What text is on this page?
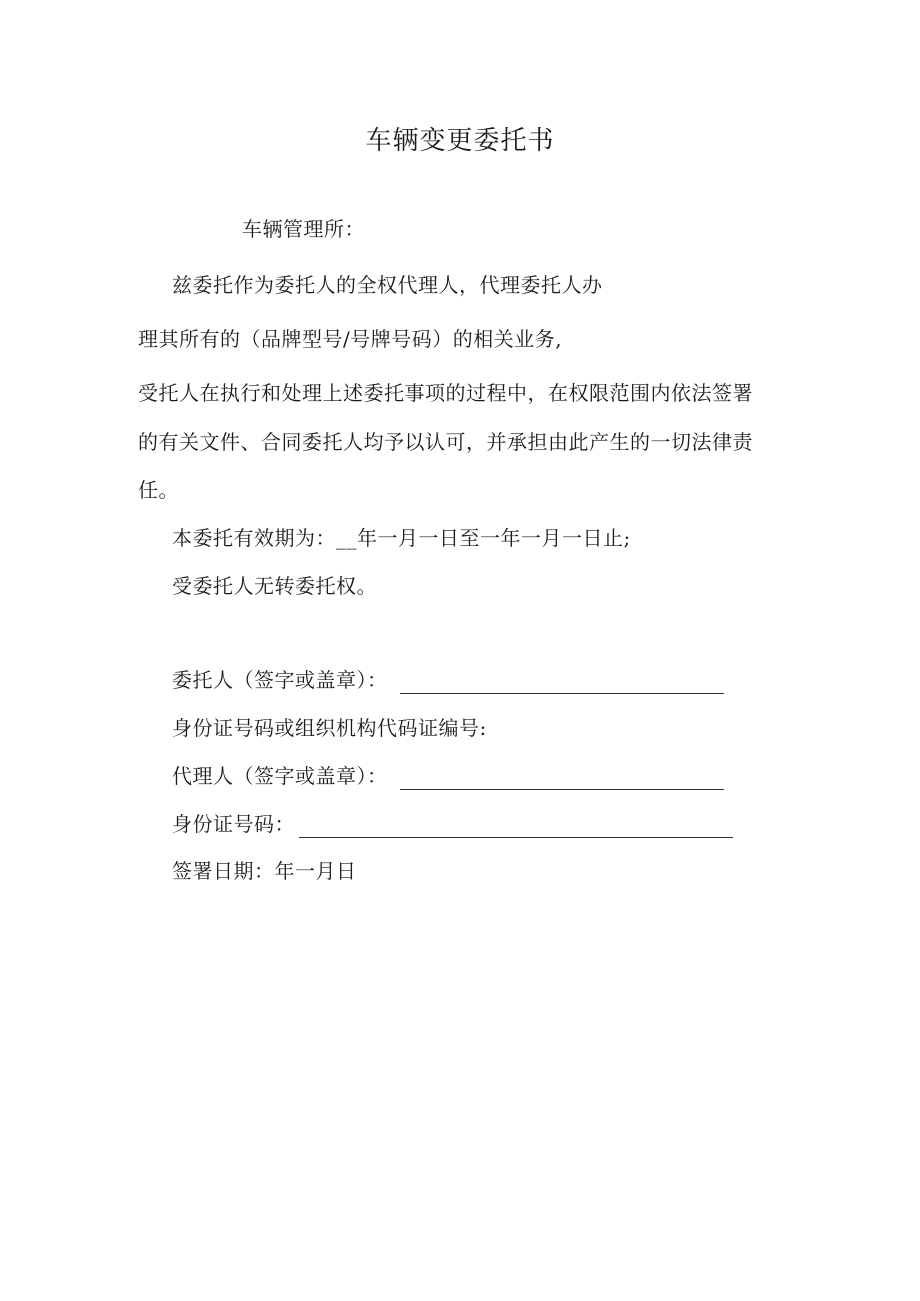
车辆变更委托书
车辆管理所：
兹委托作为委托人的全权代理人，代理委托人办
理其所有的（品牌型号/号牌号码）的相关业务,
受托人在执行和处理上述委托事项的过程中，在权限范围内依法签署
的有关文件、合同委托人均予以认可，并承担由此产生的一切法律责
任。
本委托有效期为：__年一月一日至一年一月一日止;
受委托人无转委托权。
委托人（签字或盖章）：
身份证号码或组织机构代码证编号:
代理人（签字或盖章）：
身份证号码：
签署日期：年一月日
